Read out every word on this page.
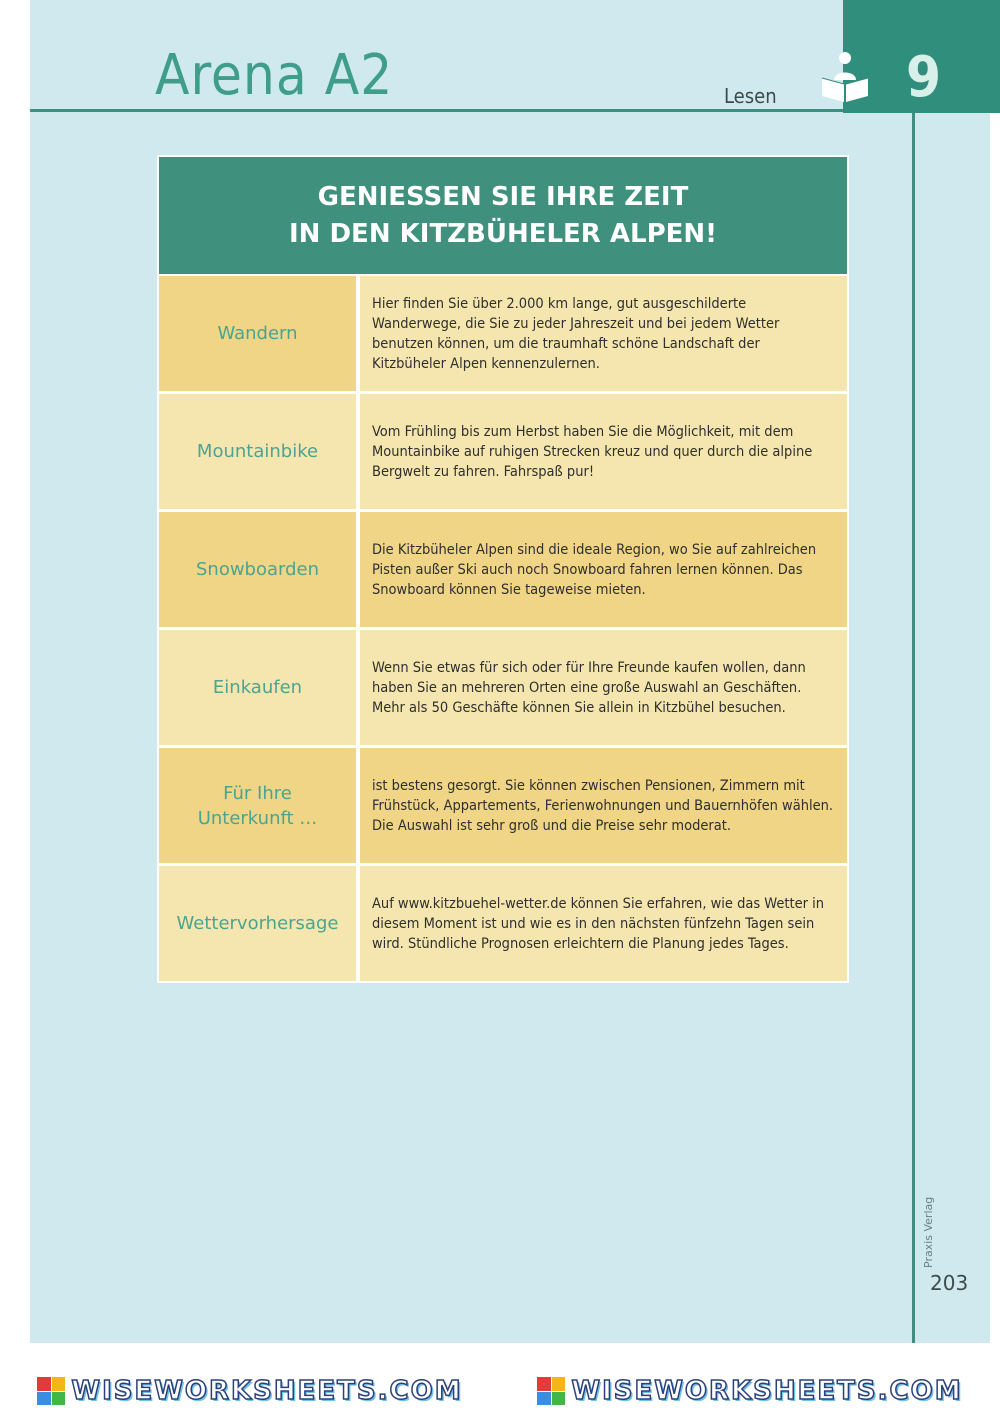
Arena A2	Lesen 9
GENIESSEN SIE IHRE ZEIT
IN DEN KITZBÜHELER ALPEN!
Wandern
Hier finden Sie über 2.000 km lange, gut ausgeschilderte Wanderwege, die Sie zu jeder Jahreszeit und bei jedem Wetter benutzen können, um die traumhaft schöne Landschaft der Kitzbüheler Alpen kennenzulernen.
Mountainbike
Vom Frühling bis zum Herbst haben Sie die Möglichkeit, mit dem Mountainbike auf ruhigen Strecken kreuz und quer durch die alpine Bergwelt zu fahren. Fahrspaß pur!
Snowboarden
Die Kitzbüheler Alpen sind die ideale Region, wo Sie auf zahlreichen Pisten außer Ski auch noch Snowboard fahren lernen können. Das Snowboard können Sie tageweise mieten.
Einkaufen
Wenn Sie etwas für sich oder für Ihre Freunde kaufen wollen, dann haben Sie an mehreren Orten eine große Auswahl an Geschäften. Mehr als 50 Geschäfte können Sie allein in Kitzbühel besuchen.
Für Ihre Unterkunft …
ist bestens gesorgt. Sie können zwischen Pensionen, Zimmern mit Frühstück, Appartements, Ferienwohnungen und Bauernhöfen wählen. Die Auswahl ist sehr groß und die Preise sehr moderat.
Wettervorhersage
Auf www.kitzbuehel-wetter.de können Sie erfahren, wie das Wetter in diesem Moment ist und wie es in den nächsten fünfzehn Tagen sein wird. Stündliche Prognosen erleichtern die Planung jedes Tages.
Praxis Verlag
203
WISEWORKSHEETS.COM	WISEWORKSHEETS.COM
